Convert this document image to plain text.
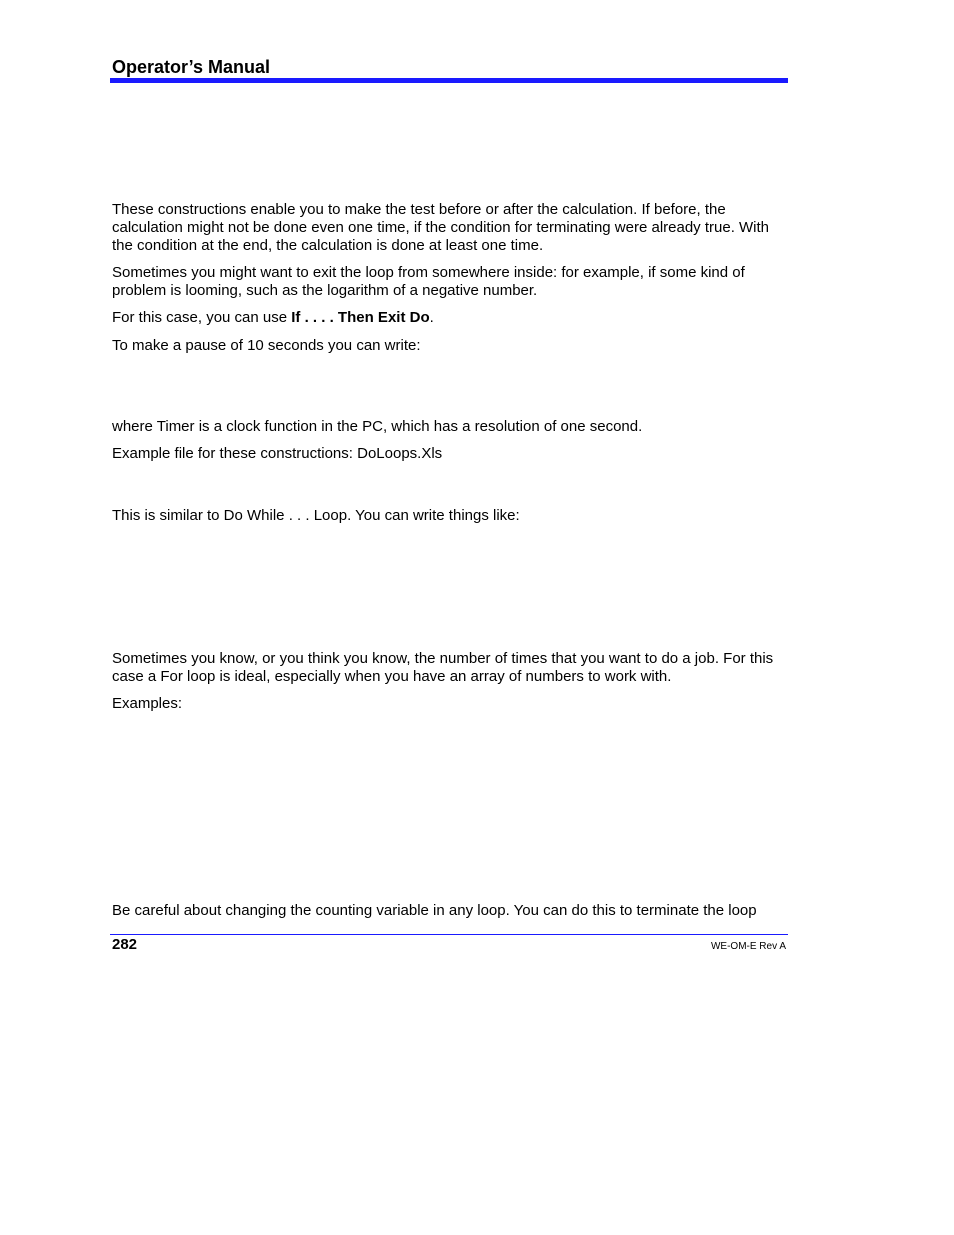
Operator’s Manual

These constructions enable you to make the test before or after the calculation. If before, the calculation might not be done even one time, if the condition for terminating were already true. With the condition at the end, the calculation is done at least one time.

Sometimes you might want to exit the loop from somewhere inside: for example, if some kind of problem is looming, such as the logarithm of a negative number.

For this case, you can use If . . . . Then Exit Do.

To make a pause of 10 seconds you can write:

where Timer is a clock function in the PC, which has a resolution of one second.

Example file for these constructions: DoLoops.Xls

This is similar to Do While . . . Loop. You can write things like:

Sometimes you know, or you think you know, the number of times that you want to do a job. For this case a For loop is ideal, especially when you have an array of numbers to work with.

Examples:

Be careful about changing the counting variable in any loop. You can do this to terminate the loop

282	WE-OM-E Rev A
